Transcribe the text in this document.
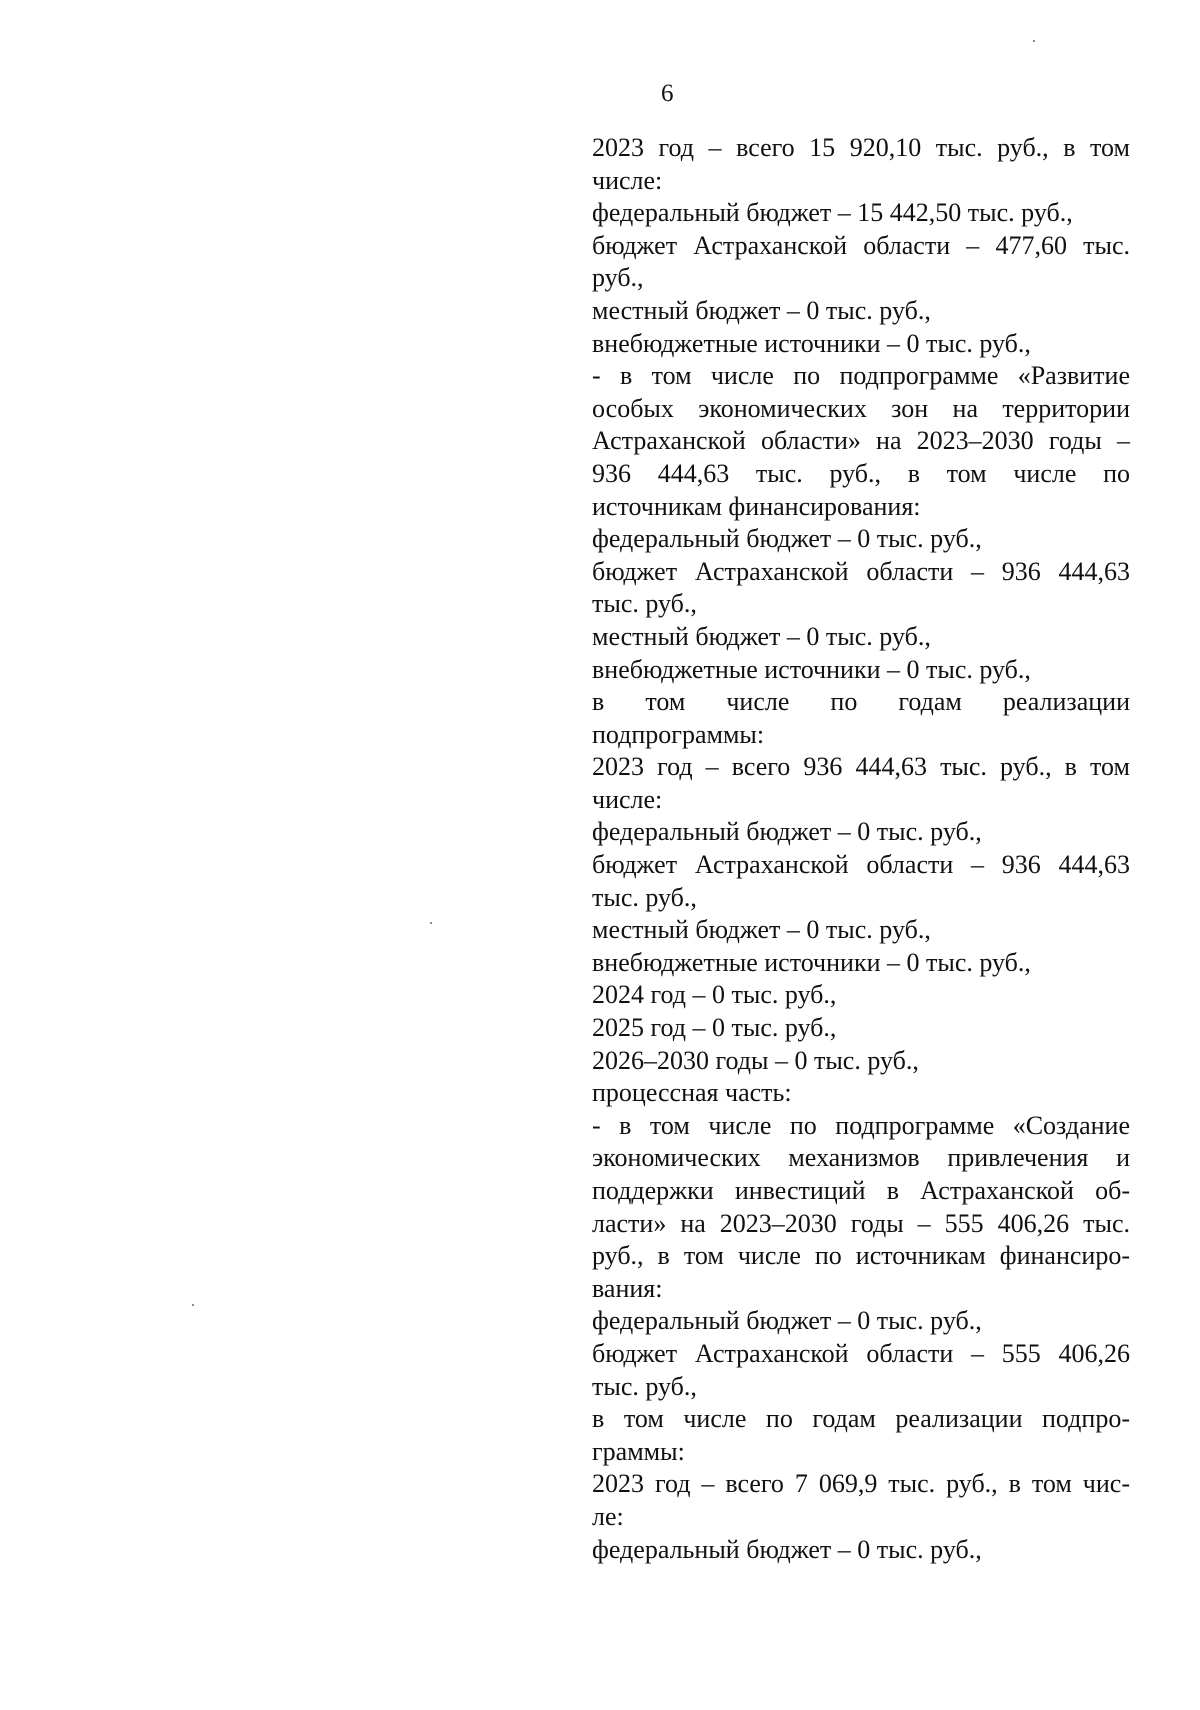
6
2023 год – всего 15 920,10 тыс. руб., в том
числе:
федеральный бюджет – 15 442,50 тыс. руб.,
бюджет Астраханской области – 477,60 тыс.
руб.,
местный бюджет – 0 тыс. руб.,
внебюджетные источники – 0 тыс. руб.,
- в том числе по подпрограмме «Развитие
особых экономических зон на территории
Астраханской области» на 2023–2030 годы –
936 444,63 тыс. руб., в том числе по
источникам финансирования:
федеральный бюджет – 0 тыс. руб.,
бюджет Астраханской области – 936 444,63
тыс. руб.,
местный бюджет – 0 тыс. руб.,
внебюджетные источники – 0 тыс. руб.,
в том числе по годам реализации
подпрограммы:
2023 год – всего 936 444,63 тыс. руб., в том
числе:
федеральный бюджет – 0 тыс. руб.,
бюджет Астраханской области – 936 444,63
тыс. руб.,
местный бюджет – 0 тыс. руб.,
внебюджетные источники – 0 тыс. руб.,
2024 год – 0 тыс. руб.,
2025 год – 0 тыс. руб.,
2026–2030 годы – 0 тыс. руб.,
процессная часть:
- в том числе по подпрограмме «Создание
экономических механизмов привлечения и
поддержки инвестиций в Астраханской об-
ласти» на 2023–2030 годы – 555 406,26 тыс.
руб., в том числе по источникам финансиро-
вания:
федеральный бюджет – 0 тыс. руб.,
бюджет Астраханской области – 555 406,26
тыс. руб.,
в том числе по годам реализации подпро-
граммы:
2023 год – всего 7 069,9 тыс. руб., в том чис-
ле:
федеральный бюджет – 0 тыс. руб.,
